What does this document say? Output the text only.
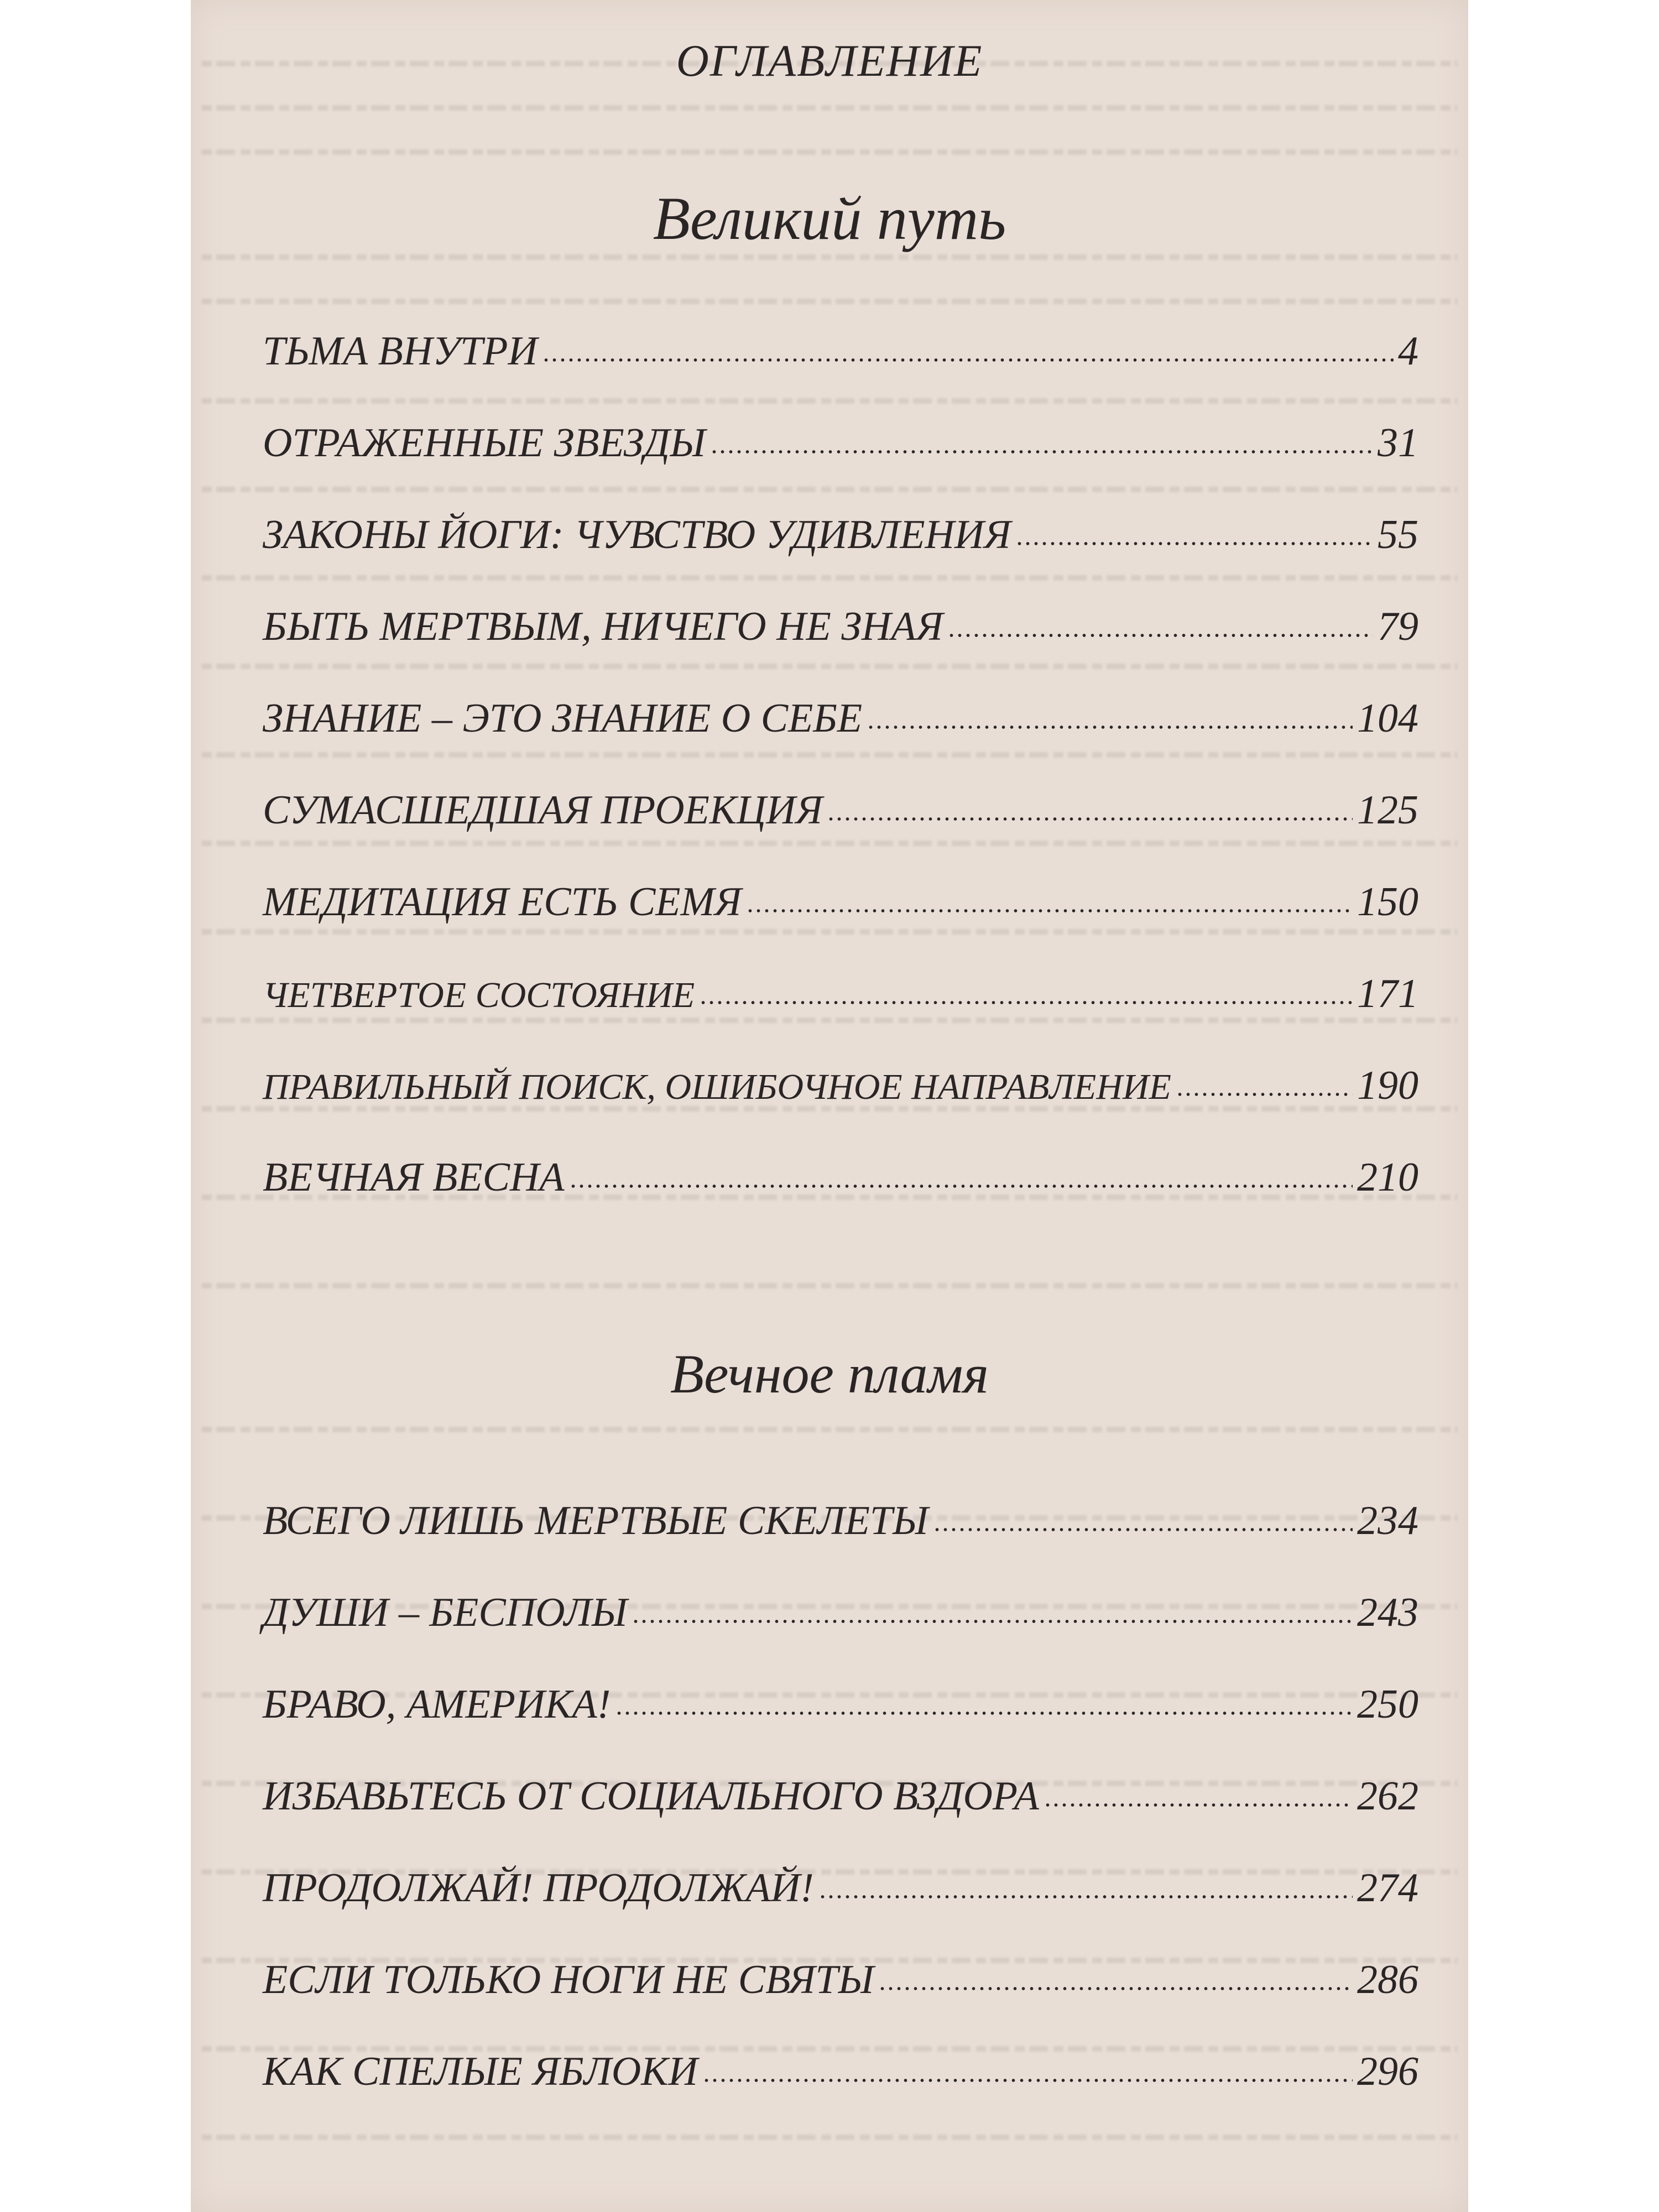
ОГЛАВЛЕНИЕ
Великий путь
ТЬМА ВНУТРИ	4
ОТРАЖЕННЫЕ ЗВЕЗДЫ	31
ЗАКОНЫ ЙОГИ: ЧУВСТВО УДИВЛЕНИЯ	55
БЫТЬ МЕРТВЫМ, НИЧЕГО НЕ ЗНАЯ	79
ЗНАНИЕ – ЭТО ЗНАНИЕ О СЕБЕ	104
СУМАСШЕДШАЯ ПРОЕКЦИЯ	125
МЕДИТАЦИЯ ЕСТЬ СЕМЯ	150
ЧЕТВЕРТОЕ СОСТОЯНИЕ	171
ПРАВИЛЬНЫЙ ПОИСК, ОШИБОЧНОЕ НАПРАВЛЕНИЕ	190
ВЕЧНАЯ ВЕСНА	210
Вечное пламя
ВСЕГО ЛИШЬ МЕРТВЫЕ СКЕЛЕТЫ	234
ДУШИ – БЕСПОЛЫ	243
БРАВО, АМЕРИКА!	250
ИЗБАВЬТЕСЬ ОТ СОЦИАЛЬНОГО ВЗДОРА	262
ПРОДОЛЖАЙ! ПРОДОЛЖАЙ!	274
ЕСЛИ ТОЛЬКО НОГИ НЕ СВЯТЫ	286
КАК СПЕЛЫЕ ЯБЛОКИ	296
